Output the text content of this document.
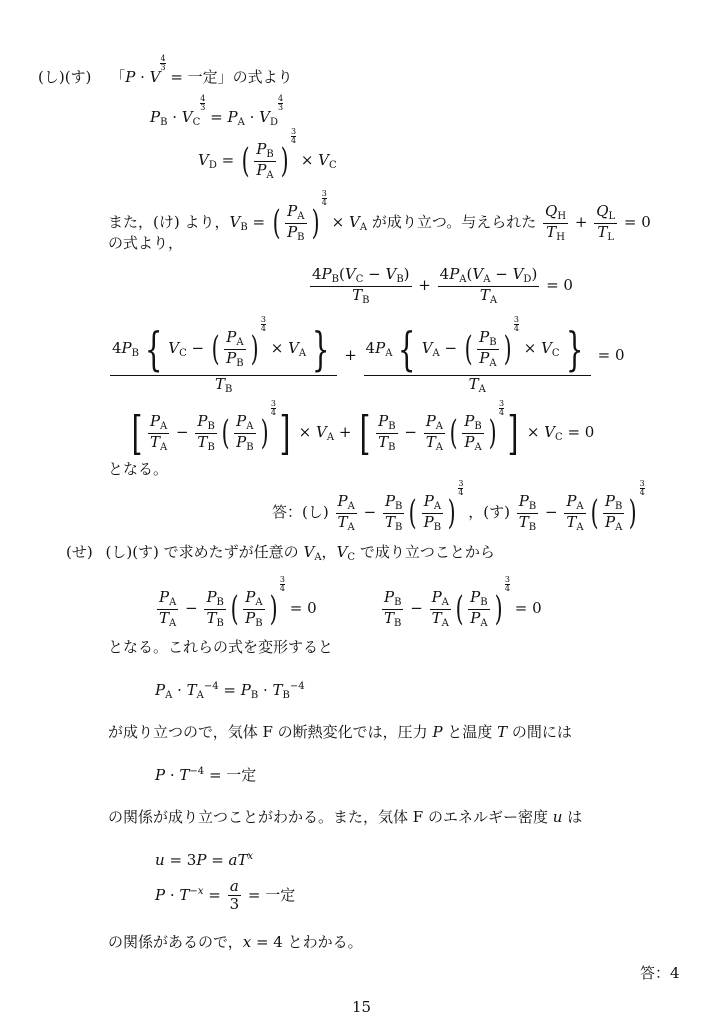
(し)(す) 「P · V
$\frac{4}{3}$
= 一定」の式より
$P_B \cdot V_C$
$\frac{4}{3}$
= $P_A \cdot V_D$
$\frac{4}{3}$
$V_D$ = ( $\frac{P_B}{P_A}$ )
$\frac{3}{4}$
× $V_C$
また，(け) より，$V_B$ = ( $\frac{P_A}{P_B}$ )
$\frac{3}{4}$
× $V_A$ が成り立つ。与えられた $\frac{Q_H}{T_H} + \frac{Q_L}{T_L} = 0$
の式より，
$\frac{4P_B(V_C - V_B)}{T_B} + \frac{4P_A(V_A - V_D)}{T_A} = 0$
$4P_B$ { $V_C$ − ( $\frac{P_A}{P_B}$ )
$\frac{3}{4}$
× $V_A$ }
$T_B + 4P_A$ { $V_A$ − ( $\frac{P_B}{P_A}$ )
$\frac{3}{4}$
× $V_C$ }
$T_A = 0$
[ $\frac{P_A}{T_A} - \frac{P_B}{T_B}$ ( $\frac{P_A}{P_B}$ )
$\frac{3}{4}$ ] × $V_A$ + [ $\frac{P_B}{T_B} - \frac{P_A}{T_A}$ ( $\frac{P_B}{P_A}$ )
$\frac{3}{4}$ ] × $V_C = 0$
となる。
答：(し) $\frac{P_A}{T_A} - \frac{P_B}{T_B}$ ( $\frac{P_A}{P_B}$ )
$\frac{3}{4}$
，(す) $\frac{P_B}{T_B} - \frac{P_A}{T_A}$ ( $\frac{P_B}{P_A}$ )
$\frac{3}{4}$
(せ) (し)(す) で求めたずが任意の $V_A$，$V_C$ で成り立つことから
$\frac{P_A}{T_A} - \frac{P_B}{T_B}$ ( $\frac{P_A}{P_B}$ )
$\frac{3}{4}$
= 0	$\frac{P_B}{T_B} - \frac{P_A}{T_A}$ ( $\frac{P_B}{P_A}$ )
$\frac{3}{4}$
= 0
となる。これらの式を変形すると
$P_A \cdot T_A^{-4} = P_B \cdot T_B^{-4}$
が成り立つので，気体 F の断熱変化では，圧力 P と温度 T の間には
$P \cdot T^{-4}$ = 一定
の関係が成り立つことがわかる。また，気体 F のエネルギー密度 u は
$u = 3P = aT^x$
$P \cdot T^{-x} = \frac{a}{3}$ = 一定
の関係があるので，x = 4 とわかる。
答：4
15
